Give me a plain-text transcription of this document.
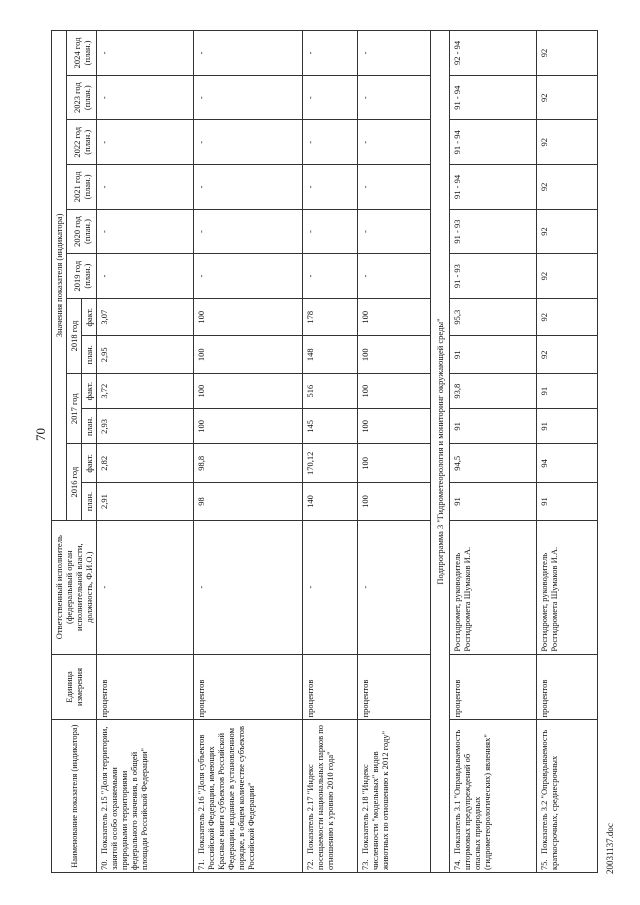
70
20031137.doc
Наименование показателя (индикатора)	Единица измерения	Ответственный исполнитель (федеральный орган исполнительной власти, должность, Ф.И.О.)	Значения показателя (индикатора)											
			2016 год		2017 год		2018 год		2019 год (план.)	2020 год (план.)	2021 год (план.)	2022 год (план.)	2023 год (план.)	2024 год (план.)
			план.	факт.	план.	факт.	план.	факт.						
70.Показатель 2.15 "Доля территории, занятой особо охраняемыми природными территориями федерального значения, в общей площади Российской Федерации"	процентов	-	2,91	2,82	2,93	3,72	2,95	3,07	-	-	-	-	-	-
71.Показатель 2.16 "Доля субъектов Российской Федерации, имеющих Красные книги субъектов Российской Федерации, изданные в установленном порядке, в общем количестве субъектов Российской Федерации"	процентов	-	98	98,8	100	100	100	100	-	-	-	-	-	-
72.Показатель 2.17 "Индекс посещаемости национальных парков по отношению к уровню 2010 года"	процентов	-	140	170,12	145	516	148	178	-	-	-	-	-	-
73.Показатель 2.18 "Индекс численности "модельных" видов животных по отношению к 2012 году"	процентов	-	100	100	100	100	100	100	-	-	-	-	-	-
Подпрограмма 3 "Гидрометеорология и мониторинг окружающей среды"														
74.Показатель 3.1 "Оправдываемость штормовых предупреждений об опасных природных (гидрометеорологических) явлениях"	процентов	Росгидромет, руководитель Росгидромета Шумаков И.А.	91	94,5	91	93,8	91	95,3	91 - 93	91 - 93	91 - 94	91 - 94	91 - 94	92 - 94
75.Показатель 3.2 "Оправдываемость краткосрочных, среднесрочных	процентов	Росгидромет, руководитель Росгидромета Шумаков И.А.	91	94	91	91	92	92	92	92	92	92	92	92
